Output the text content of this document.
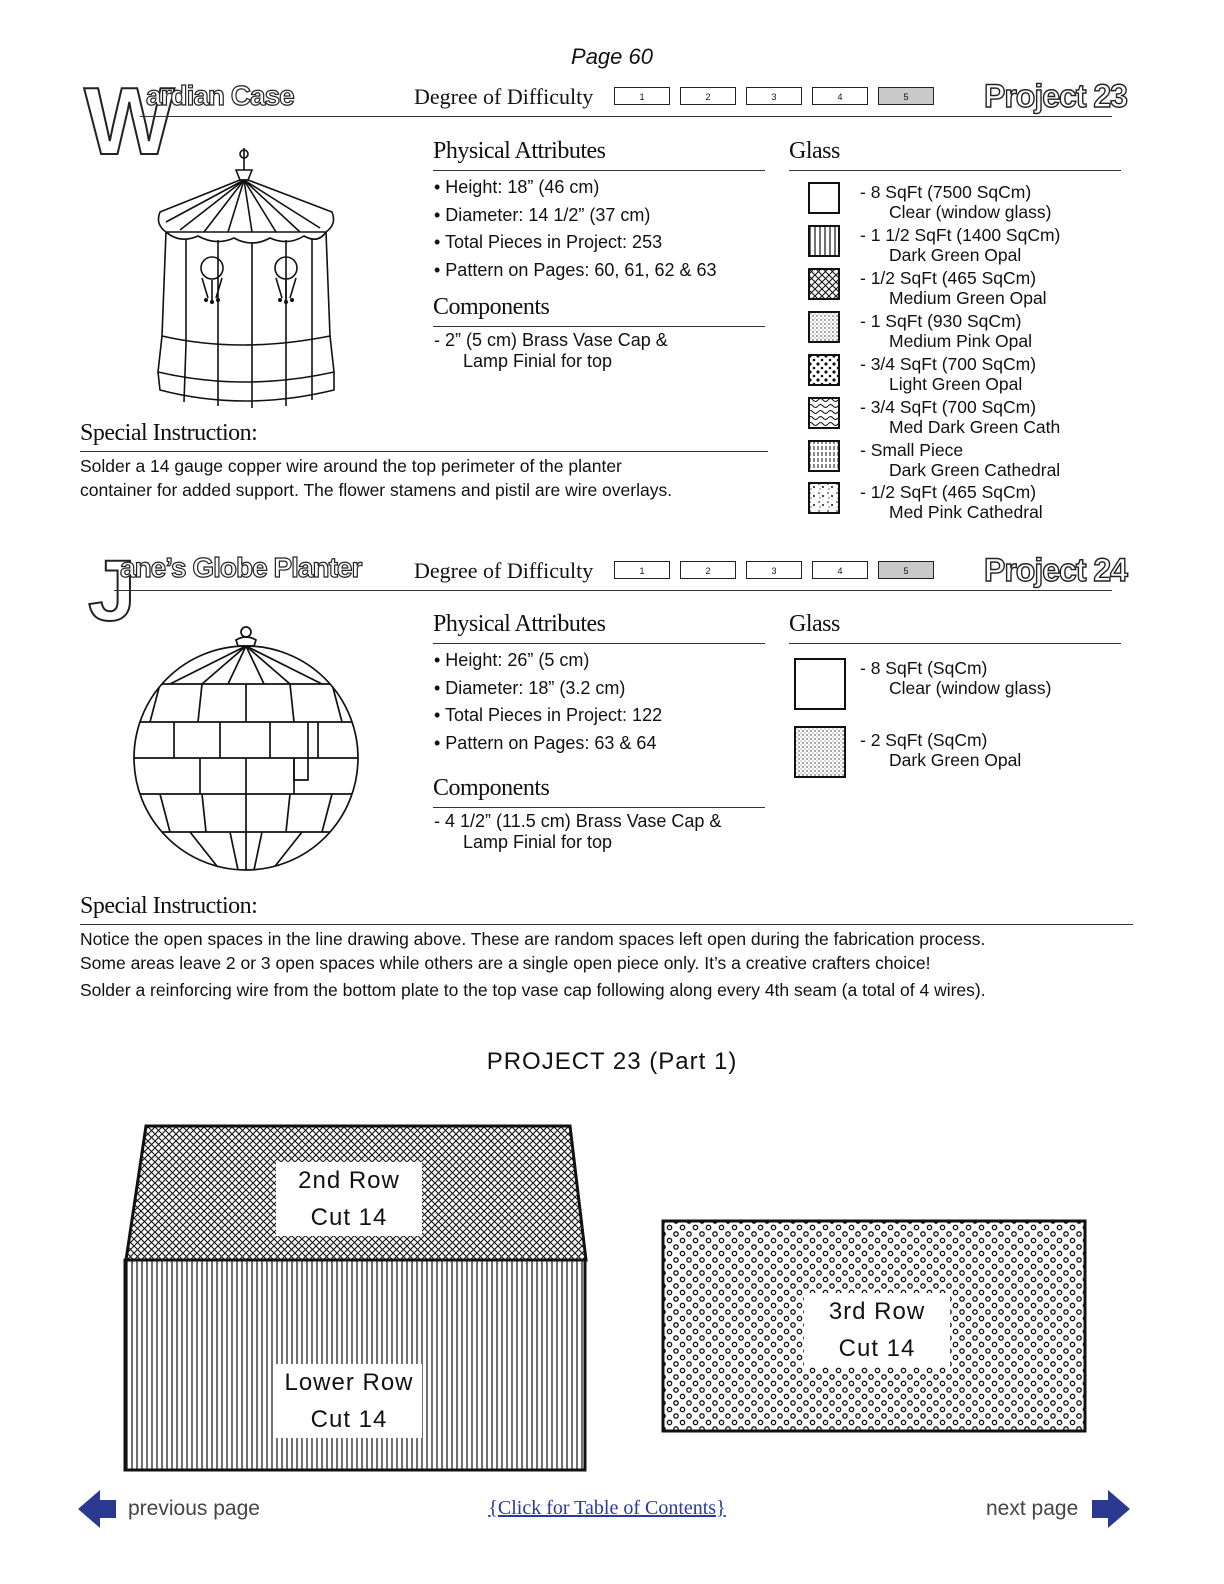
Page 60
W
ardian Case	Degree of Difficulty	1	2	3	4	5	Project 23
Physical Attributes
• Height: 18” (46 cm)
• Diameter: 14 1/2” (37 cm)
• Total Pieces in Project: 253
• Pattern on Pages: 60, 61, 62 & 63
Components
- 2” (5 cm) Brass Vase Cap &
Lamp Finial for top
Glass
- 8 SqFt (7500 SqCm)
Clear (window glass)
- 1 1/2 SqFt (1400 SqCm)
Dark Green Opal
- 1/2 SqFt (465 SqCm)
Medium Green Opal
- 1 SqFt (930 SqCm)
Medium Pink Opal
- 3/4 SqFt (700 SqCm)
Light Green Opal
- 3/4 SqFt (700 SqCm)
Med Dark Green Cath
- Small Piece
Dark Green Cathedral
- 1/2 SqFt (465 SqCm)
Med Pink Cathedral
Special Instruction:
Solder a 14 gauge copper wire around the top perimeter of the planter
container for added support. The flower stamens and pistil are wire overlays.
J
ane’s Globe Planter Degree of Difficulty	1	2	3	4	5	Project 24
Physical Attributes
• Height: 26” (5 cm)
• Diameter: 18” (3.2 cm)
• Total Pieces in Project: 122
• Pattern on Pages: 63 & 64
Components
- 4 1/2” (11.5 cm) Brass Vase Cap &
Lamp Finial for top
Glass
- 8 SqFt (SqCm)
Clear (window glass)
- 2 SqFt (SqCm)
Dark Green Opal
Special Instruction:
Notice the open spaces in the line drawing above. These are random spaces left open during the fabrication process.
Some areas leave 2 or 3 open spaces while others are a single open piece only. It’s a creative crafters choice!
Solder a reinforcing wire from the bottom plate to the top vase cap following along every 4th seam (a total of 4 wires).
PROJECT 23 (Part 1)
2nd Row
Cut 14
Lower Row
Cut 14
3rd Row
Cut 14
previous page	{Click for Table of Contents}	next page
